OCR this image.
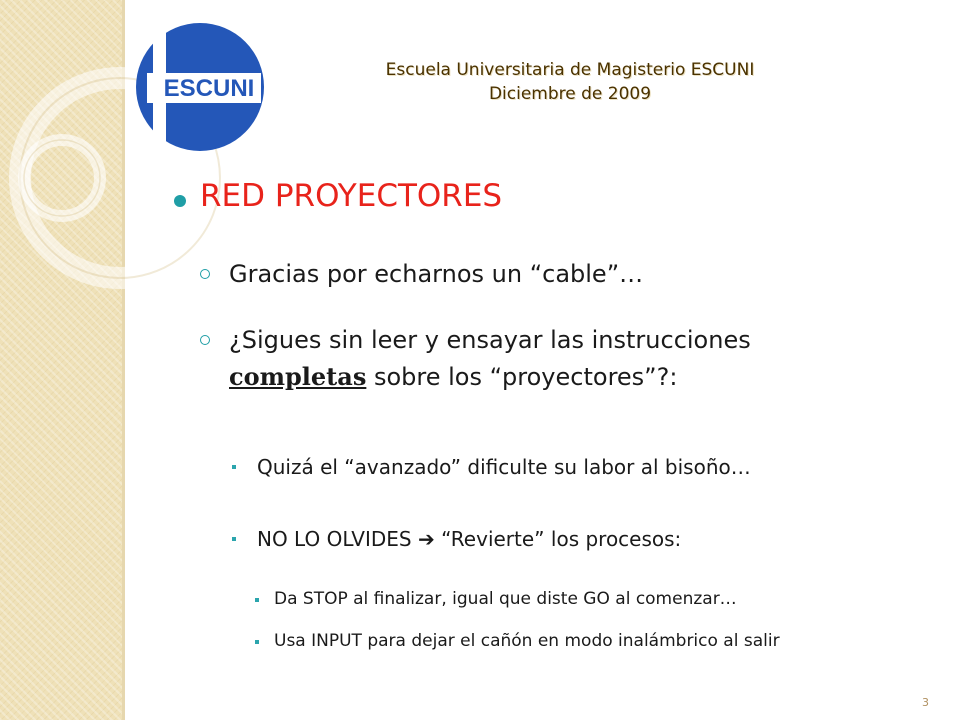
ESCUNI
Escuela Universitaria de Magisterio ESCUNI
Diciembre de 2009
RED PROYECTORES
Gracias por echarnos un “cable”…
¿Sigues sin leer y ensayar las instrucciones
completas sobre los “proyectores”?:
Quizá el “avanzado” dificulte su labor al bisoño…
NO LO OLVIDES ➔ “Revierte” los procesos:
Da STOP al finalizar, igual que diste GO al comenzar…
Usa INPUT para dejar el cañón en modo inalámbrico al salir
3
